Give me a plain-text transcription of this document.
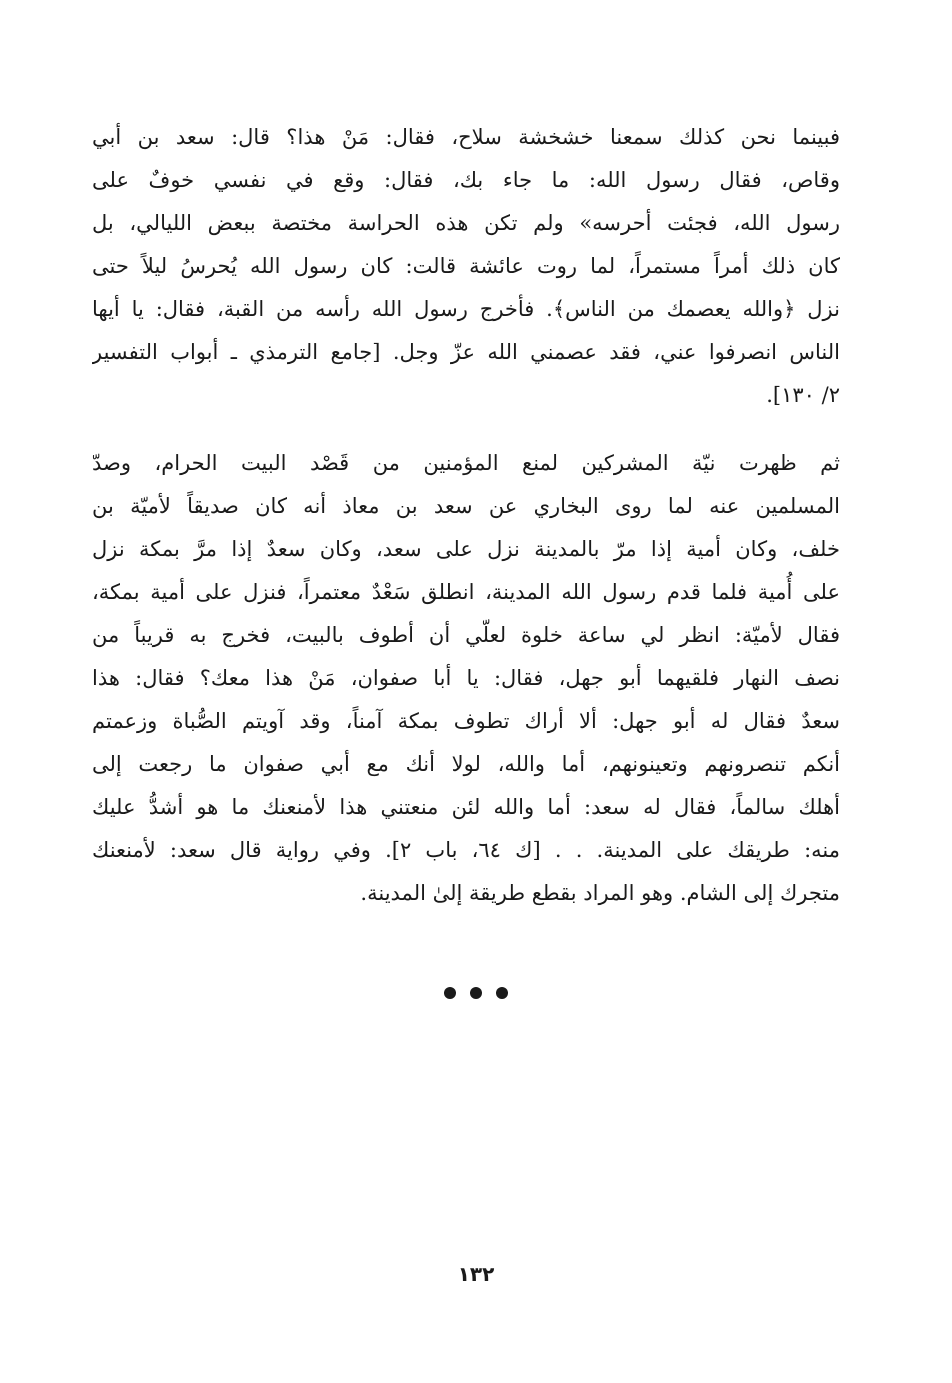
فبينما نحن كذلك سمعنا خشخشة سلاح، فقال: مَنْ هذا؟ قال: سعد بن أبي
وقاص، فقال رسول الله: ما جاء بك، فقال: وقع في نفسي خوفٌ على
رسول الله، فجئت أحرسه» ولم تكن هذه الحراسة مختصة ببعض الليالي، بل
كان ذلك أمراً مستمراً، لما روت عائشة قالت: كان رسول الله يُحرسُ ليلاً حتى
نزل ﴿والله يعصمك من الناس﴾. فأخرج رسول الله رأسه من القبة، فقال: يا أيها
الناس انصرفوا عني، فقد عصمني الله عزّ وجل. [جامع الترمذي ـ أبواب التفسير
٢/ ١٣٠].
ثم ظهرت نيّة المشركين لمنع المؤمنين من قَصْد البيت الحرام، وصدّ
المسلمين عنه لما روى البخاري عن سعد بن معاذ أنه كان صديقاً لأميّة بن
خلف، وكان أمية إذا مرّ بالمدينة نزل على سعد، وكان سعدٌ إذا مرَّ بمكة نزل
على أُمية فلما قدم رسول الله المدينة، انطلق سَعْدٌ معتمراً، فنزل على أمية بمكة،
فقال لأميّة: انظر لي ساعة خلوة لعلّي أن أطوف بالبيت، فخرج به قريباً من
نصف النهار فلقيهما أبو جهل، فقال: يا أبا صفوان، مَنْ هذا معك؟ فقال: هذا
سعدٌ فقال له أبو جهل: ألا أراك تطوف بمكة آمناً، وقد آويتم الصُّباة وزعمتم
أنكم تنصرونهم وتعينونهم، أما والله، لولا أنك مع أبي صفوان ما رجعت إلى
أهلك سالماً، فقال له سعد: أما والله لئن منعتني هذا لأمنعنك ما هو أشدُّ عليك
منه: طريقك على المدينة. . . [ك ٦٤، باب ٢]. وفي رواية قال سعد: لأمنعنك
متجرك إلى الشام. وهو المراد بقطع طريقة إلىٰ المدينة.
١٣٢
